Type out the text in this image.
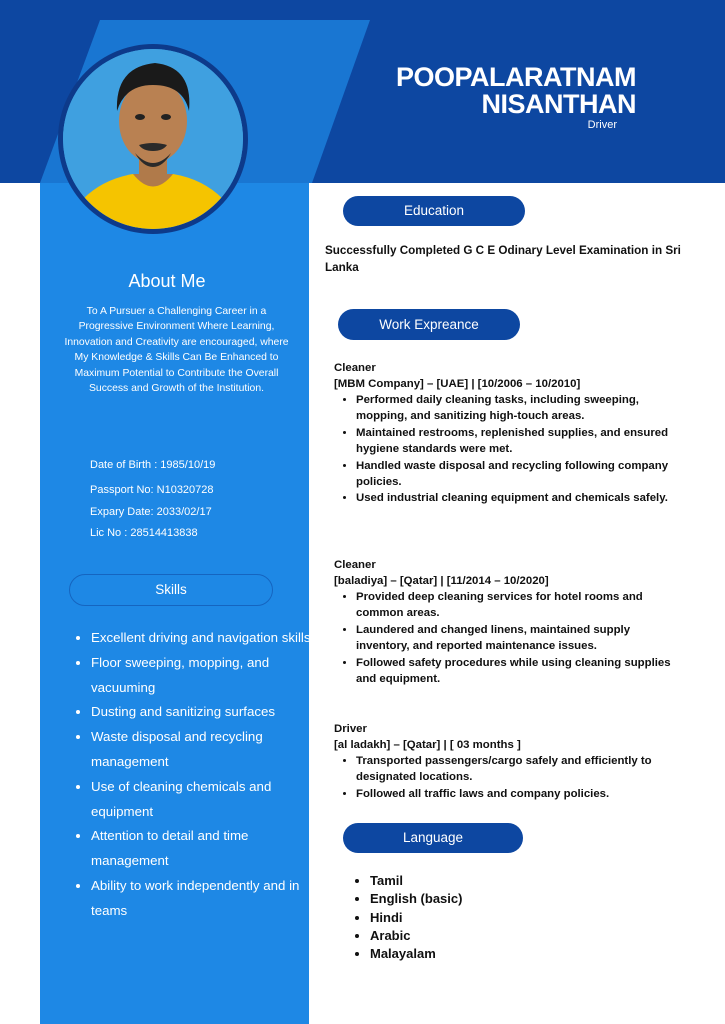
POOPALARATNAM
NISANTHAN
Driver
About Me
To A Pursuer a Challenging Career in a Progressive Environment Where Learning, Innovation and Creativity are encouraged, where My Knowledge & Skills Can Be Enhanced to Maximum Potential to Contribute the Overall Success and Growth of the Institution.
Date of Birth : 1985/10/19
Passport No: N10320728
Expary Date: 2033/02/17
Lic No : 28514413838
Skills
• Excellent driving and navigation skills
• Floor sweeping, mopping, and vacuuming
• Dusting and sanitizing surfaces
• Waste disposal and recycling management
• Use of cleaning chemicals and equipment
• Attention to detail and time management
• Ability to work independently and in teams
Education
Successfully Completed G C E Odinary Level Examination in Sri Lanka
Work Expreance
Cleaner
[MBM Company] – [UAE] | [10/2006 – 10/2010]
• Performed daily cleaning tasks, including sweeping, mopping, and sanitizing high-touch areas.
• Maintained restrooms, replenished supplies, and ensured hygiene standards were met.
• Handled waste disposal and recycling following company policies.
• Used industrial cleaning equipment and chemicals safely.
Cleaner
[baladiya] – [Qatar] | [11/2014 – 10/2020]
• Provided deep cleaning services for hotel rooms and common areas.
• Laundered and changed linens, maintained supply inventory, and reported maintenance issues.
• Followed safety procedures while using cleaning supplies and equipment.
Driver
[al ladakh] – [Qatar] | [ 03 months ]
• Transported passengers/cargo safely and efficiently to designated locations.
• Followed all traffic laws and company policies.
Language
• Tamil
• English (basic)
• Hindi
• Arabic
• Malayalam
